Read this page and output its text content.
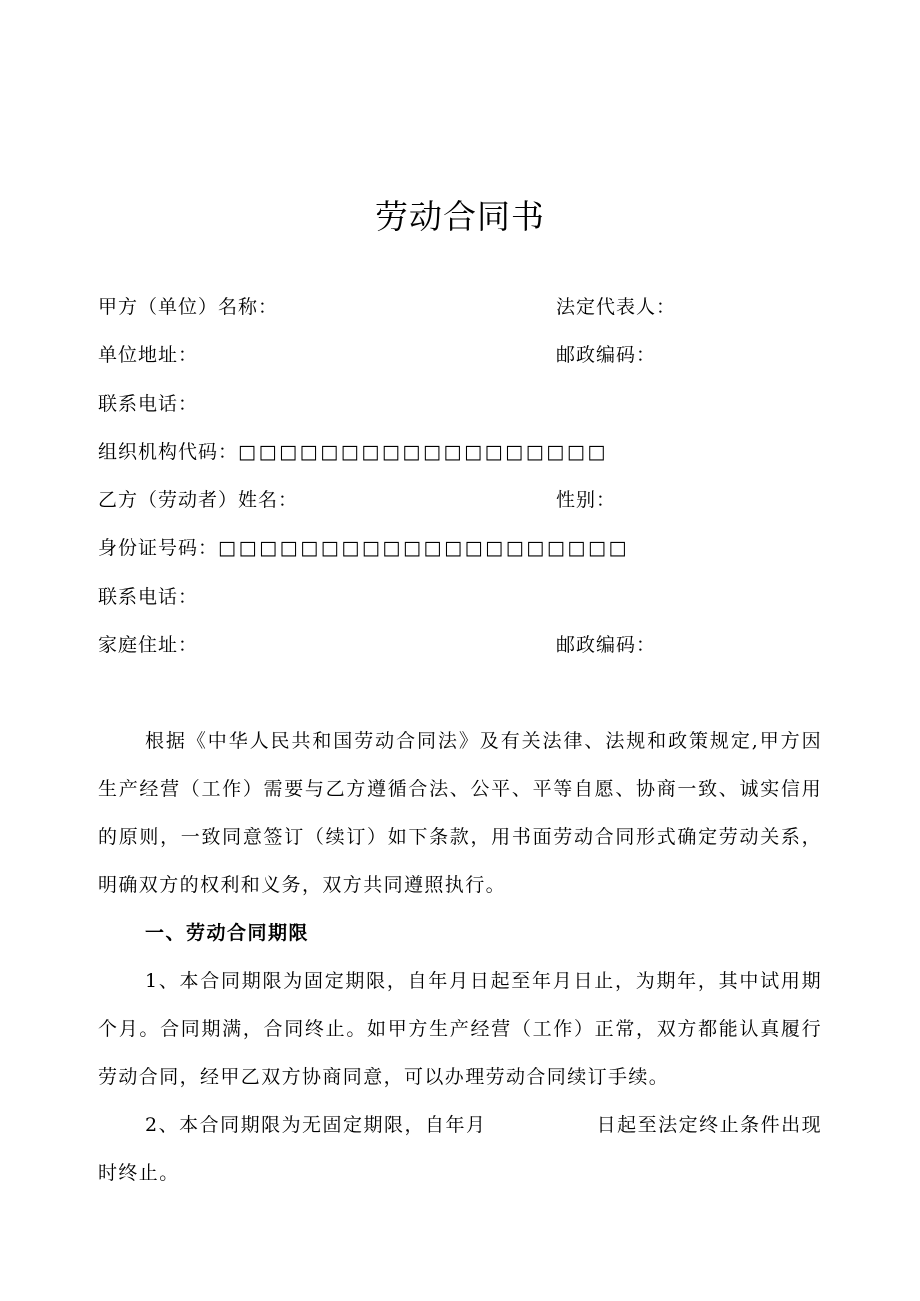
劳动合同书
甲方（单位）名称：	法定代表人：
单位地址：	邮政编码：
联系电话：
组织机构代码：□□□□□□□□□□□□□□□□□□
乙方（劳动者）姓名：	性别：
身份证号码：□□□□□□□□□□□□□□□□□□□□
联系电话：
家庭住址：	邮政编码：

根据《中华人民共和国劳动合同法》及有关法律、法规和政策规定,甲方因生产经营（工作）需要与乙方遵循合法、公平、平等自愿、协商一致、诚实信用的原则，一致同意签订（续订）如下条款，用书面劳动合同形式确定劳动关系，明确双方的权利和义务，双方共同遵照执行。

一、劳动合同期限

1、本合同期限为固定期限，自年月日起至年月日止，为期年，其中试用期个月。合同期满，合同终止。如甲方生产经营（工作）正常，双方都能认真履行劳动合同，经甲乙双方协商同意，可以办理劳动合同续订手续。

2、本合同期限为无固定期限，自年月	日起至法定终止条件出现时终止。
